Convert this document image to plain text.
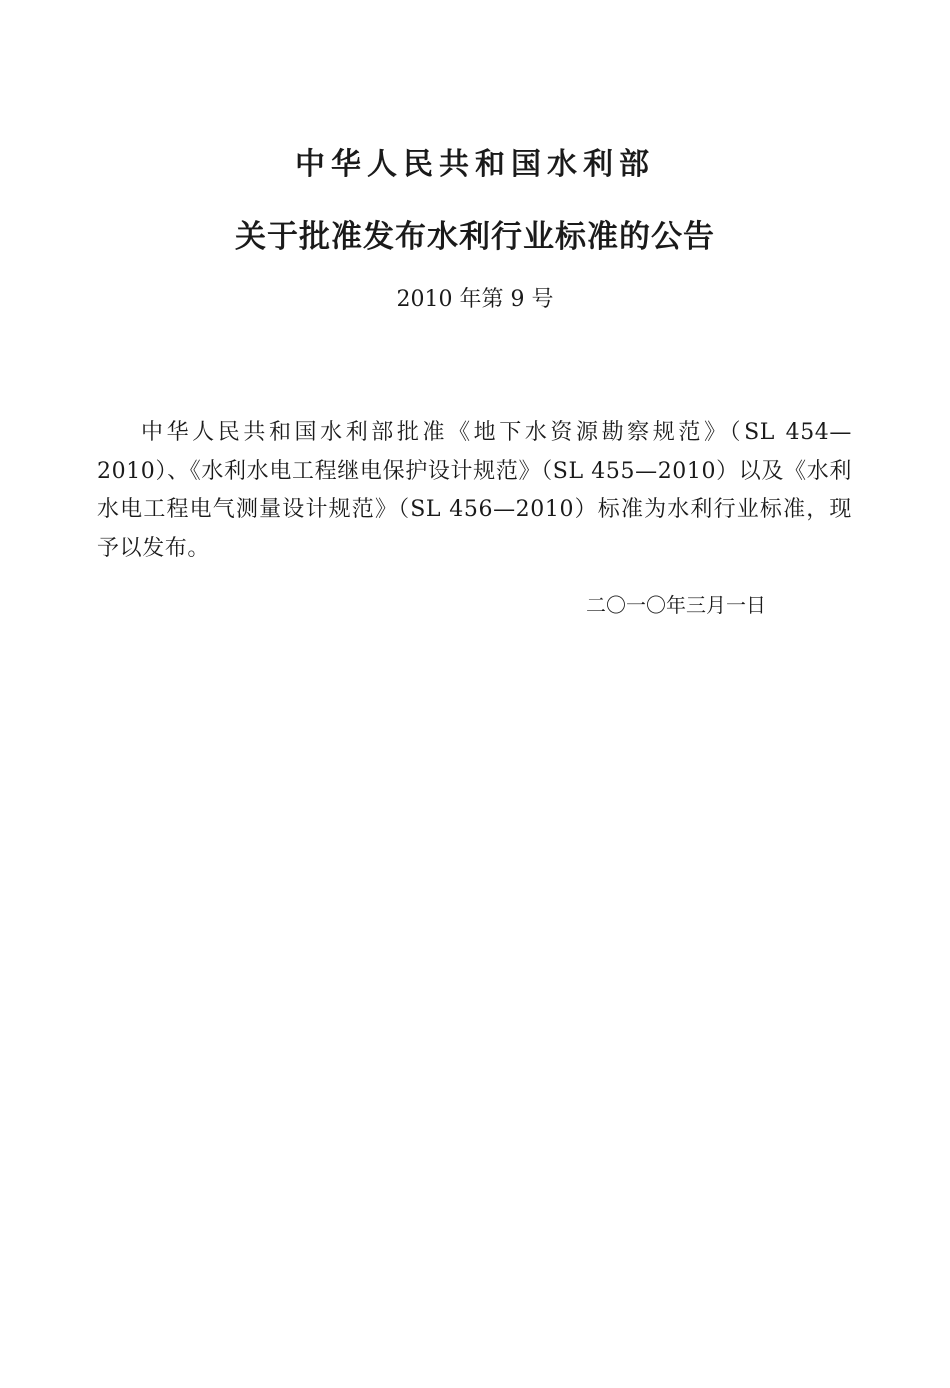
中华人民共和国水利部
关于批准发布水利行业标准的公告
2010 年第 9 号

中华人民共和国水利部批准《地下水资源勘察规范》（SL 454—2010）、《水利水电工程继电保护设计规范》（SL 455—2010）以及《水利水电工程电气测量设计规范》（SL 456—2010）标准为水利行业标准，现予以发布。

二〇一〇年三月一日
